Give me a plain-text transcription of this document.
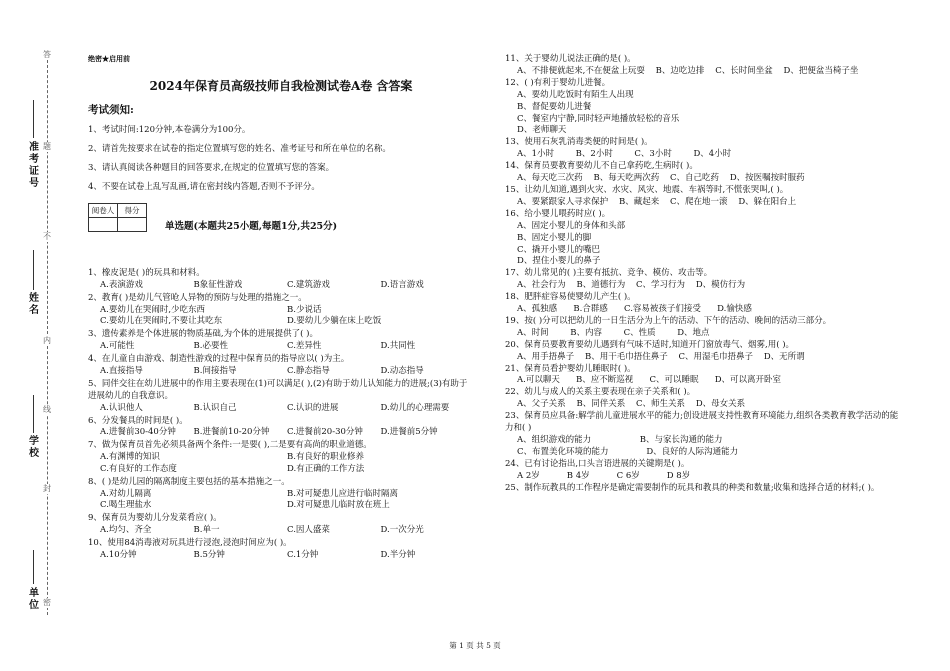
答
题
不
内
线
封
密
准考证号
姓名
学校
单位
绝密★启用前
2024年保育员高级技师自我检测试卷A卷 含答案
考试须知:
1、考试时间:120分钟,本卷满分为100分。
2、请首先按要求在试卷的指定位置填写您的姓名、准考证号和所在单位的名称。
3、请认真阅读各种题目的回答要求,在规定的位置填写您的答案。
4、不要在试卷上乱写乱画,请在密封线内答题,否则不予评分。
阅卷人	得分

单选题(本题共25小题,每题1分,共25分)
1、橡皮泥是( )的玩具和材料。
A.表演游戏	B象征性游戏	C.建筑游戏	D.语言游戏
2、教育( )是幼儿气管呛人异物的预防与处理的措施之一。
A.要幼儿在哭闹时,少吃东西	B.少说话
C.要幼儿在哭闹时,不要让其吃东	D.要幼儿少躺在床上吃饭
3、遗传素养是个体进展的物质基础,为个体的进展提供了( )。
A.可能性	B.必要性	C.差异性	D.共同性
4、在儿童自由游戏、制造性游戏的过程中保育员的指导应以( )为主。
A.直接指导	B.间接指导	C.静态指导	D.动态指导
5、同伴交往在幼儿进展中的作用主要表现在(1)可以满足( ),(2)有助于幼儿认知能力的进展;(3)有助于进展幼儿的自我意识。
A.认识他人	B.认识自己	C.认识的进展	D.幼儿的心理需要
6、分发餐具的时间是( )。
A.进餐前30-40分钟	B.进餐前10-20分钟	C.进餐前20-30分钟	D.进餐前5分钟
7、做为保育员首先必须具备两个条件:一是要( ),二是要有高尚的职业道德。
A.有渊博的知识	B.有良好的职业修养
C.有良好的工作态度	D.有正确的工作方法
8、( )是幼儿园的隔离制度主要包括的基本措施之一。
A.对幼儿隔离	B.对可疑患儿应进行临时隔离
C.喝生理盐水	D.对可疑患儿临时放在班上
9、保育员为婴幼儿分发菜肴应( )。
A.均匀、齐全	B.单一	C.因人盛菜	D.一次分光
10、使用84消毒液对玩具进行浸泡,浸泡时间应为( )。
A.10分钟	B.5分钟	C.1分钟	D.半分钟
11、关于婴幼儿说法正确的是( )。
A、不排便就起来,不在便盆上玩耍    B、边吃边排    C、长时间坐盆    D、把便盆当椅子坐
12、( )有利于婴幼儿进餐。
A、要幼儿吃饭时有陌生人出现
B、督促要幼儿进餐
C、餐室内宁静,同时轻声地播放轻松的音乐
D、老师聊天
13、使用石灰乳消毒类便的时间是( )。
A、1小时        B、2小时        C、3小时        D、4小时
14、保育员要教育要幼儿不自己拿药吃,生病时( )。
A、每天吃三次药    B、每天吃两次药    C、自己吃药    D、按医嘱按时服药
15、让幼儿知道,遇到火灾、水灾、风灾、地震、车祸等时,不慌张哭叫,( )。
A、要紧跟家人寻求保护    B、藏起来    C、爬在地一滚    D、躲在阳台上
16、给小婴儿喂药时应( )。
A、固定小婴儿的身体和头部
B、固定小婴儿的脚
C、撬开小婴儿的嘴巴
D、捏住小婴儿的鼻子
17、幼儿常见的( )主要有抵抗、竞争、模仿、攻击等。
A、社会行为    B、道德行为    C、学习行为    D、模仿行为
18、肥胖症容易使婴幼儿产生( )。
A、孤独感      B.合群感      C.容易被孩子们接受      D.愉快感
19、按( )分可以把幼儿的一日生活分为上午的活动、下午的活动、晚间的活动三部分。
A、时间        B、内容        C、性质        D、地点
20、保育员要教育要幼儿遇到有气味不适时,知道开门窗放毒气、烟雾,用( )。
A、用手捂鼻子    B、用干毛巾捂住鼻子    C、用湿毛巾捂鼻子    D、无所谓
21、保育员看护婴幼儿睡眠时( )。
A.可以聊天      B、应不断巡视      C、可以睡眠      D、可以离开卧室
22、幼儿与成人的关系主要表现在亲子关系和( )。
A、父子关系    B、同伴关系    C、师生关系    D、母女关系
23、保育员应具备:解学前儿童进展水平的能力;创设进展支持性教育环境能力,组织各类教育教学活动的能力和( )
A、组织游戏的能力                  B、与家长沟通的能力
C、布置美化环境的能力              D、良好的人际沟通能力
24、已有讨论指出,口头言语进展的关键期是( )。
A 2岁          B 4岁          C 6岁          D 8岁
25、制作玩教具的工作程序是确定需要制作的玩具和教具的种类和数量;收集和选择合适的材料;( )。
第 1 页 共 5 页
